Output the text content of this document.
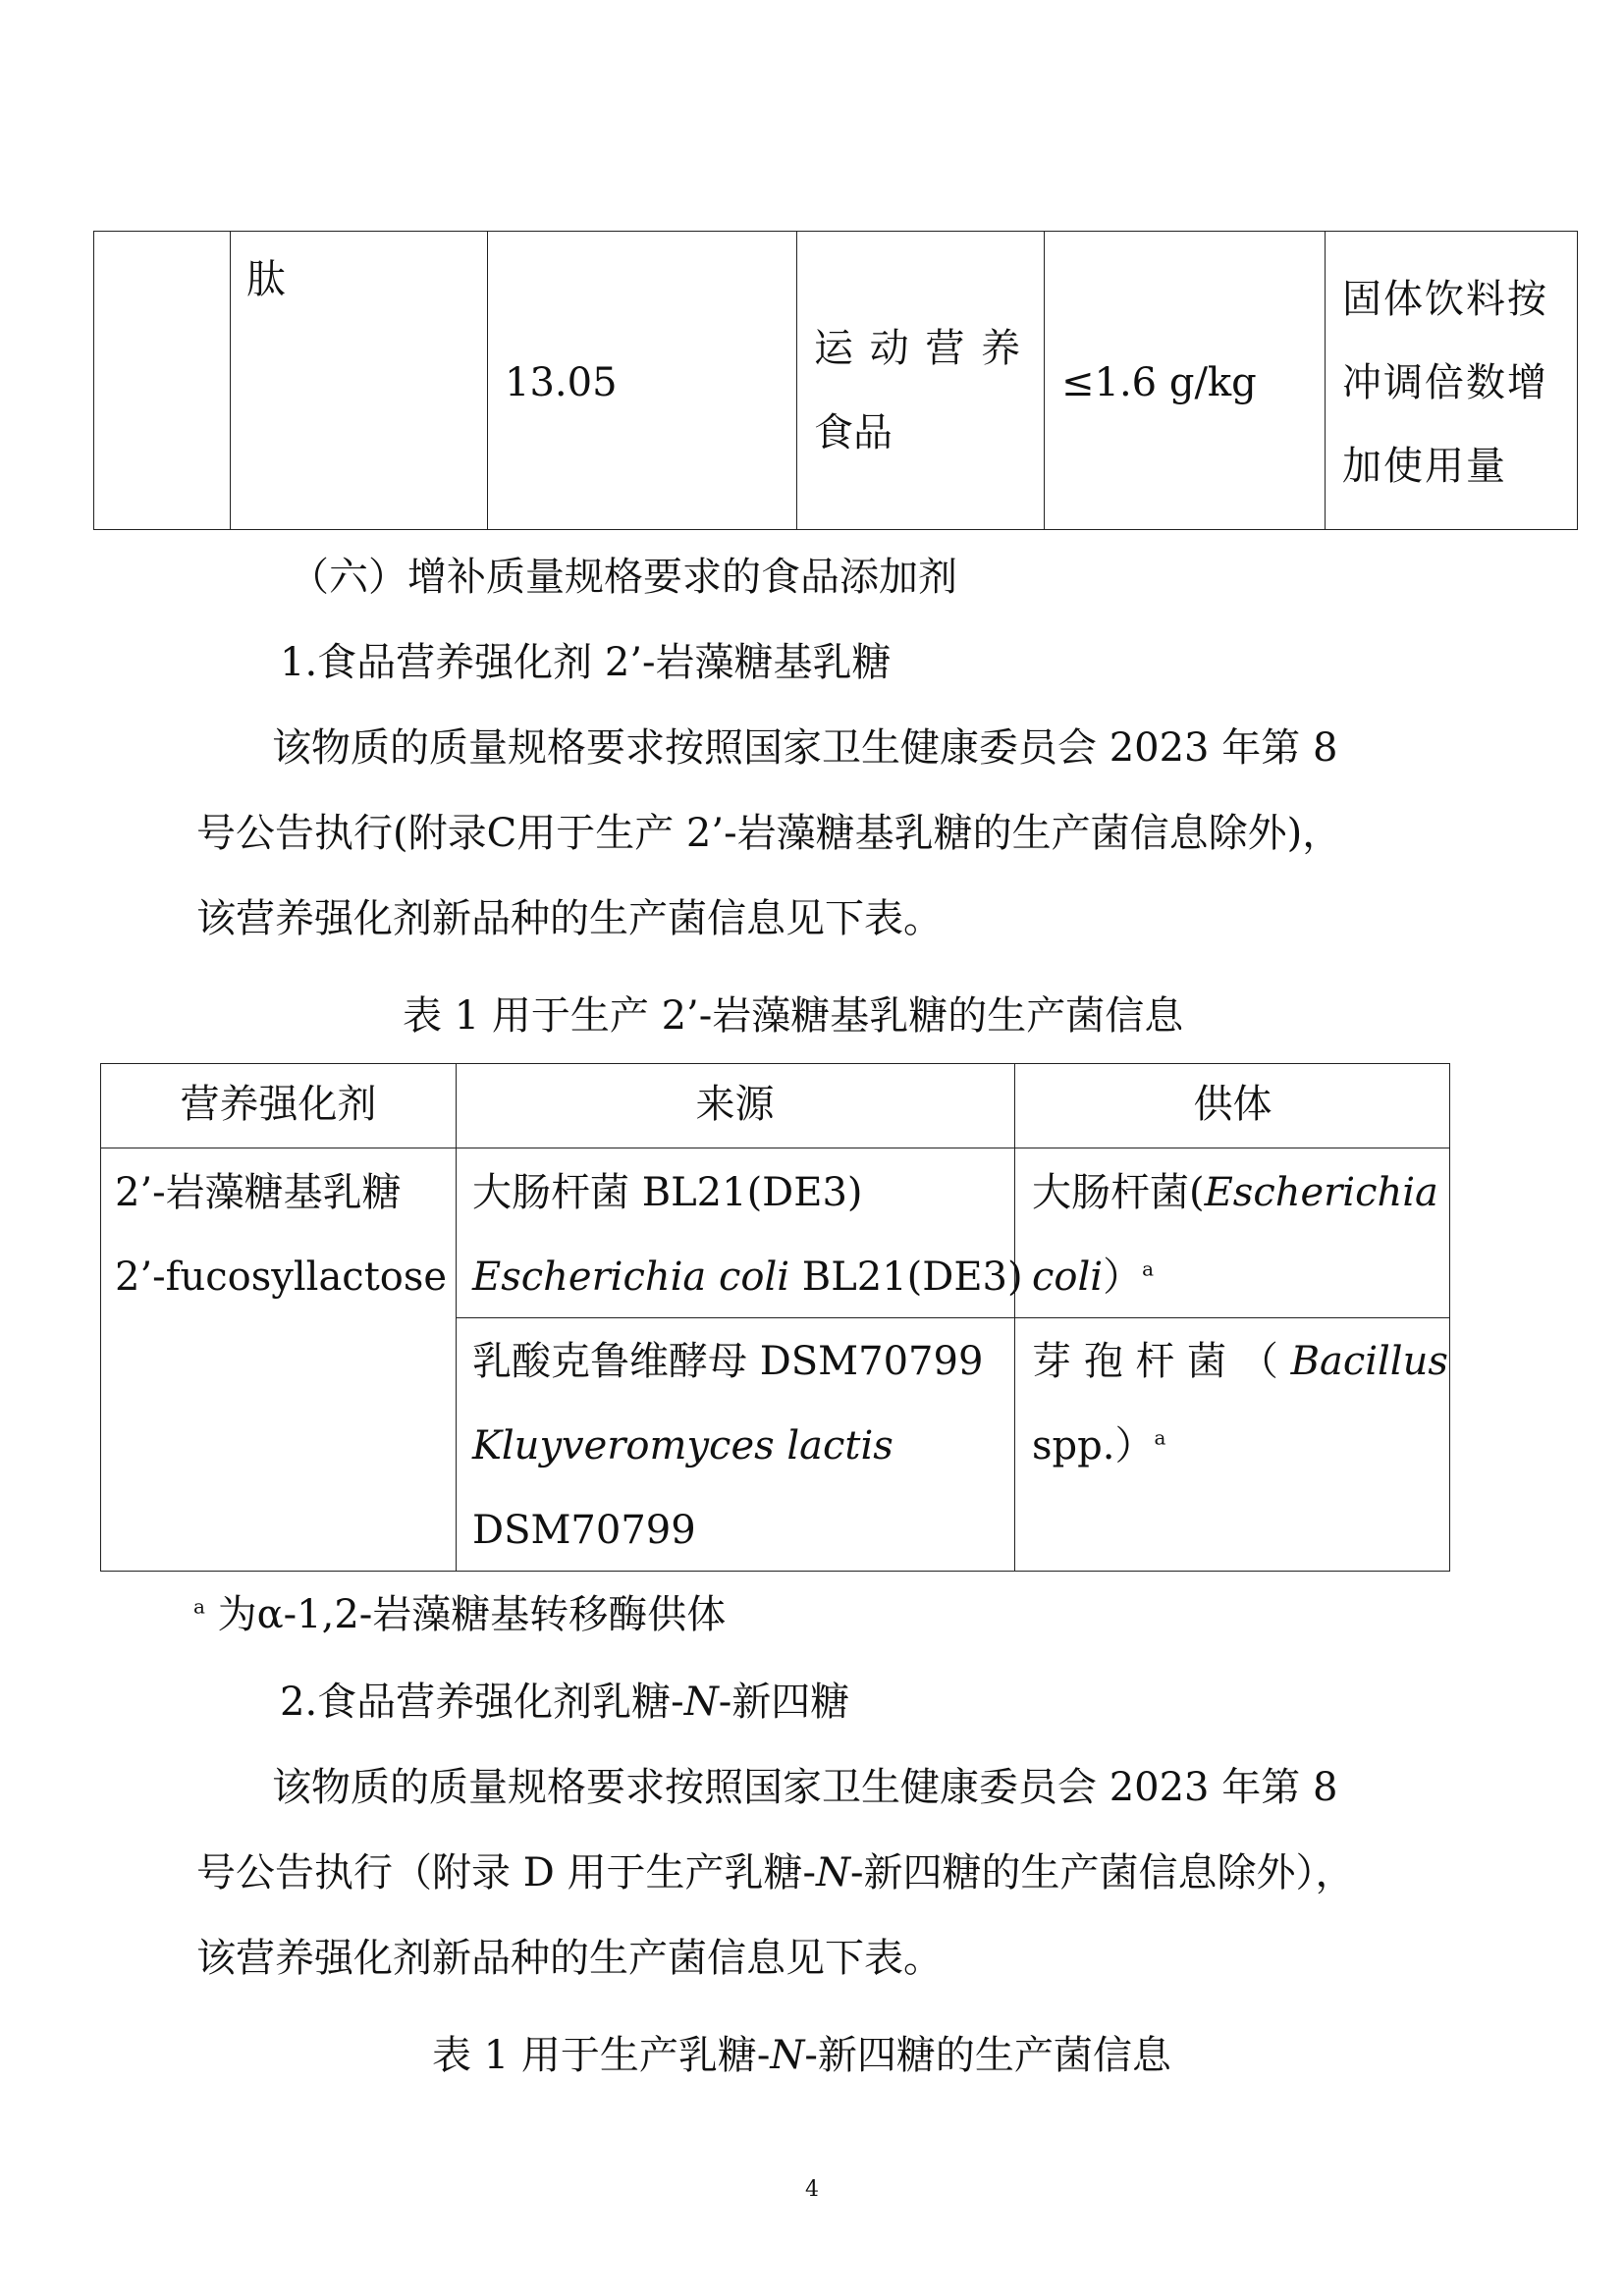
肽
13.05
运 动 营 养
食品
≤1.6 g/kg
固体饮料按
冲调倍数增
加使用量
（六）增补质量规格要求的食品添加剂
1.食品营养强化剂 2’-岩藻糖基乳糖
该物质的质量规格要求按照国家卫生健康委员会 2023 年第 8
号公告执行(附录C用于生产 2’-岩藻糖基乳糖的生产菌信息除外)，
该营养强化剂新品种的生产菌信息见下表。
表 1 用于生产 2’-岩藻糖基乳糖的生产菌信息
营养强化剂	来源	供体
2’-岩藻糖基乳糖
2’-fucosyllactose
大肠杆菌 BL21(DE3)
Escherichia coli BL21(DE3)
大肠杆菌(Escherichia
coli）$^a$
乳酸克鲁维酵母 DSM70799
Kluyveromyces lactis
DSM70799
芽 孢 杆 菌 （ Bacillus
spp.）$^a$
$^a$ 为α-1,2-岩藻糖基转移酶供体
2.食品营养强化剂乳糖-N-新四糖
该物质的质量规格要求按照国家卫生健康委员会 2023 年第 8
号公告执行（附录 D 用于生产乳糖-N-新四糖的生产菌信息除外），
该营养强化剂新品种的生产菌信息见下表。
表 1 用于生产乳糖-N-新四糖的生产菌信息
4
